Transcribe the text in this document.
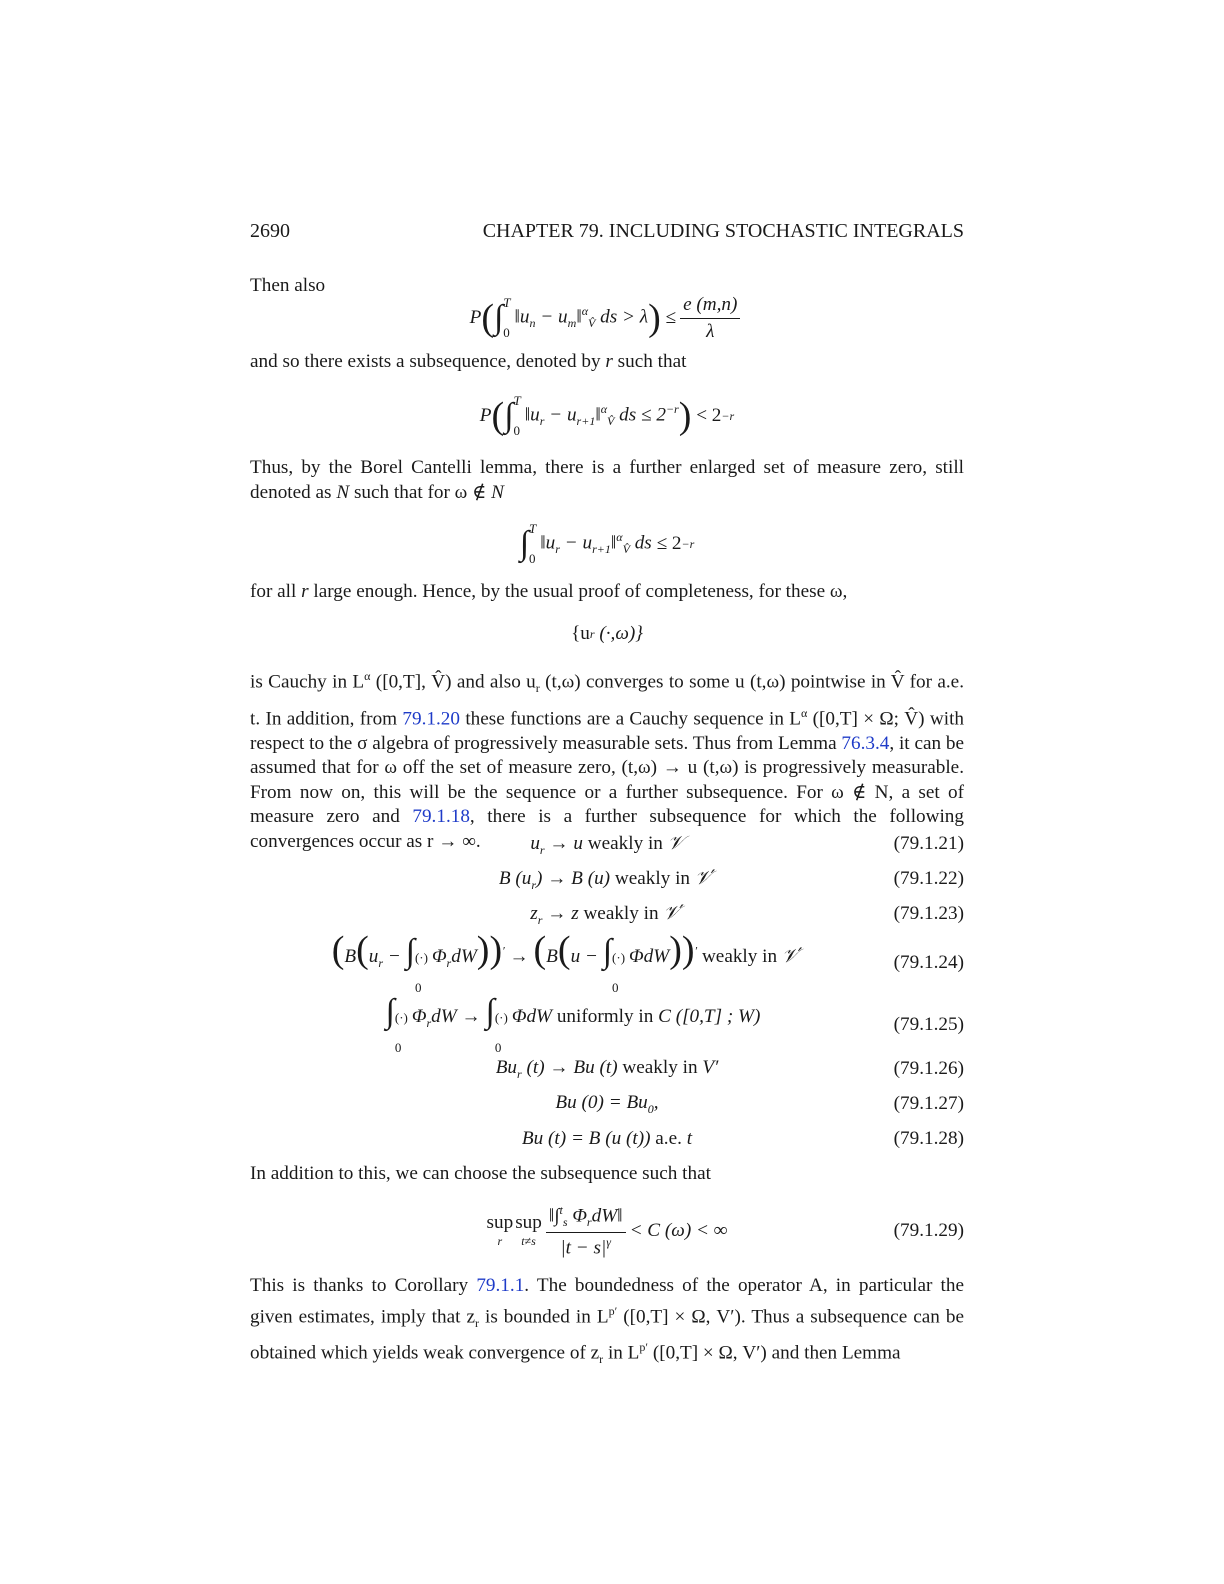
2690	CHAPTER 79. INCLUDING STOCHASTIC INTEGRALS
Then also
P ( ∫ T
0
$‖u_n$ − $u_m‖^\alpha_{V̂}$ ds > λ ) ≤ $\frac{e (m,n)}{\lambda}$
and so there exists a subsequence, denoted by r such that
P ( ∫ T
0
$‖u_r$ − $u_{r+1}‖^\alpha_{V̂}$ ds ≤ $2^{-r}$ )
< 2 −r
Thus, by the Borel Cantelli lemma, there is a further enlarged set of measure zero, still denoted as N such that for ω ∉ N
∫ T
0
$‖u_r$ − $u_{r+1}‖^\alpha_{V̂}$ ds
≤ 2 −r
for all r large enough. Hence, by the usual proof of completeness, for these ω,
{u r (·,ω)}
is Cauchy in $L^\alpha$ ([0,T], V̂) and also $u_r$ (t,ω) converges to some u (t,ω) pointwise in V̂ for a.e. t. In addition, from 79.1.20 these functions are a Cauchy sequence in $L^\alpha$ ([0,T] × Ω; V̂) with respect to the σ algebra of progressively measurable sets. Thus from Lemma 76.3.4, it can be assumed that for ω off the set of measure zero, (t,ω) → u (t,ω) is progressively measurable. From now on, this will be the sequence or a further subsequence. For ω ∉ N, a set of measure zero and 79.1.18, there is a further subsequence for which the following convergences occur as r → ∞.	$u_r \to u$ weakly in 𝒱	(79.1.21)
B $(u_r) \to B$ (u) weakly in 𝒱′	(79.1.22)
$z_r \to z$ weakly in 𝒱′	(79.1.23)
($B(u_r$ − ∫ (·)
0
$\Phi_rdW))' \to (B(u$ − ∫ (·)
0
ΦdW))′ weakly in 𝒱′	(79.1.24)
∫ (·)
0
$\Phi_rdW$ → ∫ (·)
0
ΦdW uniformly in C ([0,T] ; W)	(79.1.25)
$Bu_r$ (t) → Bu (t) weakly in V′	(79.1.26)
Bu $(0) = Bu_0$,	(79.1.27)
Bu (t) = B (u (t)) a.e. t	(79.1.28)
In addition to this, we can choose the subsequence such that
sup
r
sup
$t\ne s \frac{‖\int^t_s \Phi_rdW‖}{|t - s|^\gamma} < C$ (ω) < ∞	(79.1.29)
This is thanks to Corollary 79.1.1. The boundedness of the operator A, in particular the given estimates, imply that $z_r$ is bounded in $L^{p'}$ ([0,T] × Ω, V′). Thus a subsequence can be obtained which yields weak convergence of $z_r$ in $L^{p'}$ ([0,T] × Ω, V′) and then Lemma
